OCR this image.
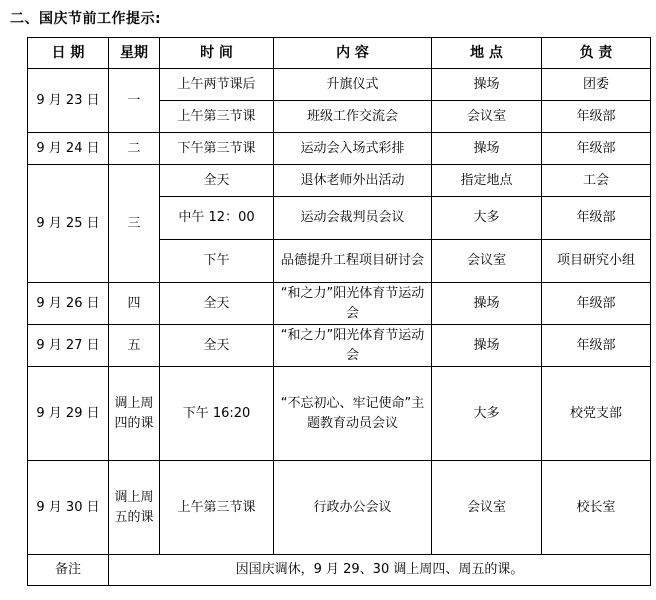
二、国庆节前工作提示:
日 期	星期	时 间	内 容	地 点	负 责
9 月 23 日	一	上午两节课后	升旗仪式	操场	团委
		上午第三节课	班级工作交流会	会议室	年级部
9 月 24 日	二	下午第三节课	运动会入场式彩排	操场	年级部
9 月 25 日	三	全天	退休老师外出活动	指定地点	工会
		中午 12：00	运动会裁判员会议	大多	年级部
		下午	品德提升工程项目研讨会	会议室	项目研究小组
9 月 26 日	四	全天	“和之力”阳光体育节运动会	操场	年级部
9 月 27 日	五	全天	“和之力”阳光体育节运动会	操场	年级部
9 月 29 日	调上周四的课	下午 16:20	“不忘初心、牢记使命”主题教育动员会议	大多	校党支部
9 月 30 日	调上周五的课	上午第三节课	行政办公会议	会议室	校长室
备注	因国庆调休，9 月 29、30 调上周四、周五的课。				
